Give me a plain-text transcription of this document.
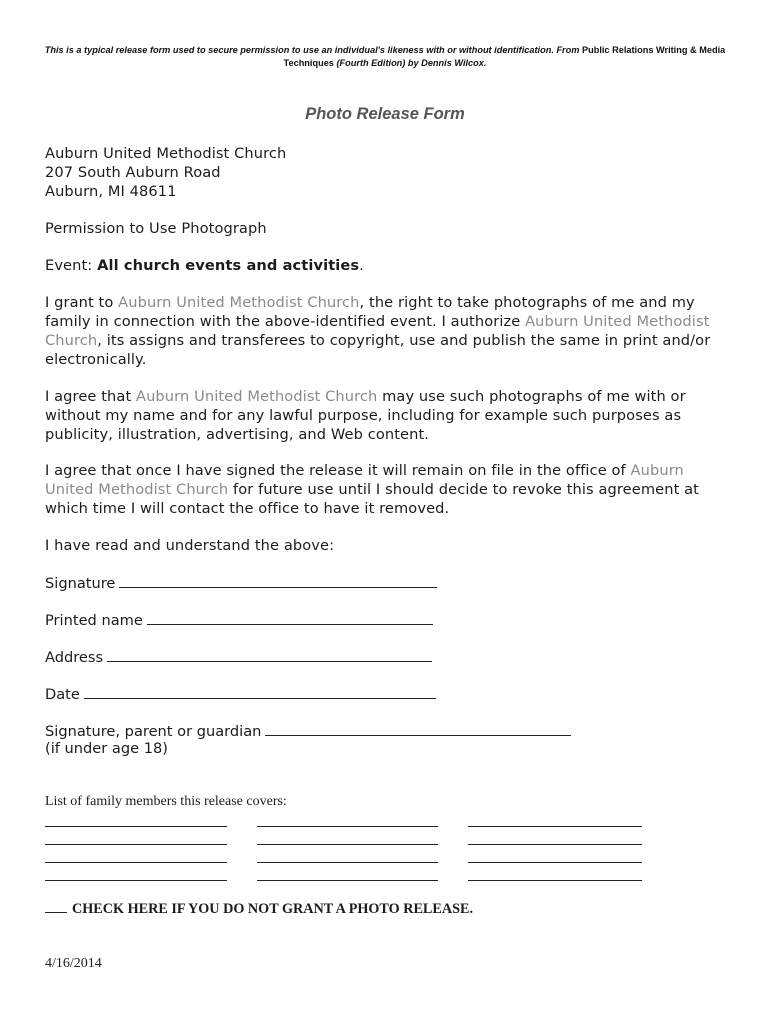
This is a typical release form used to secure permission to use an individual's likeness with or without identification. From Public Relations Writing & Media Techniques (Fourth Edition) by Dennis Wilcox.
Photo Release Form
Auburn United Methodist Church
207 South Auburn Road
Auburn, MI 48611
Permission to Use Photograph
Event: All church events and activities.
I grant to Auburn United Methodist Church, the right to take photographs of me and my family in connection with the above-identified event. I authorize Auburn United Methodist Church, its assigns and transferees to copyright, use and publish the same in print and/or electronically.
I agree that Auburn United Methodist Church may use such photographs of me with or without my name and for any lawful purpose, including for example such purposes as publicity, illustration, advertising, and Web content.
I agree that once I have signed the release it will remain on file in the office of Auburn United Methodist Church for future use until I should decide to revoke this agreement at which time I will contact the office to have it removed.
I have read and understand the above:
Signature
Printed name
Address
Date
Signature, parent or guardian
(if under age 18)
List of family members this release covers:
CHECK HERE IF YOU DO NOT GRANT A PHOTO RELEASE.
4/16/2014
